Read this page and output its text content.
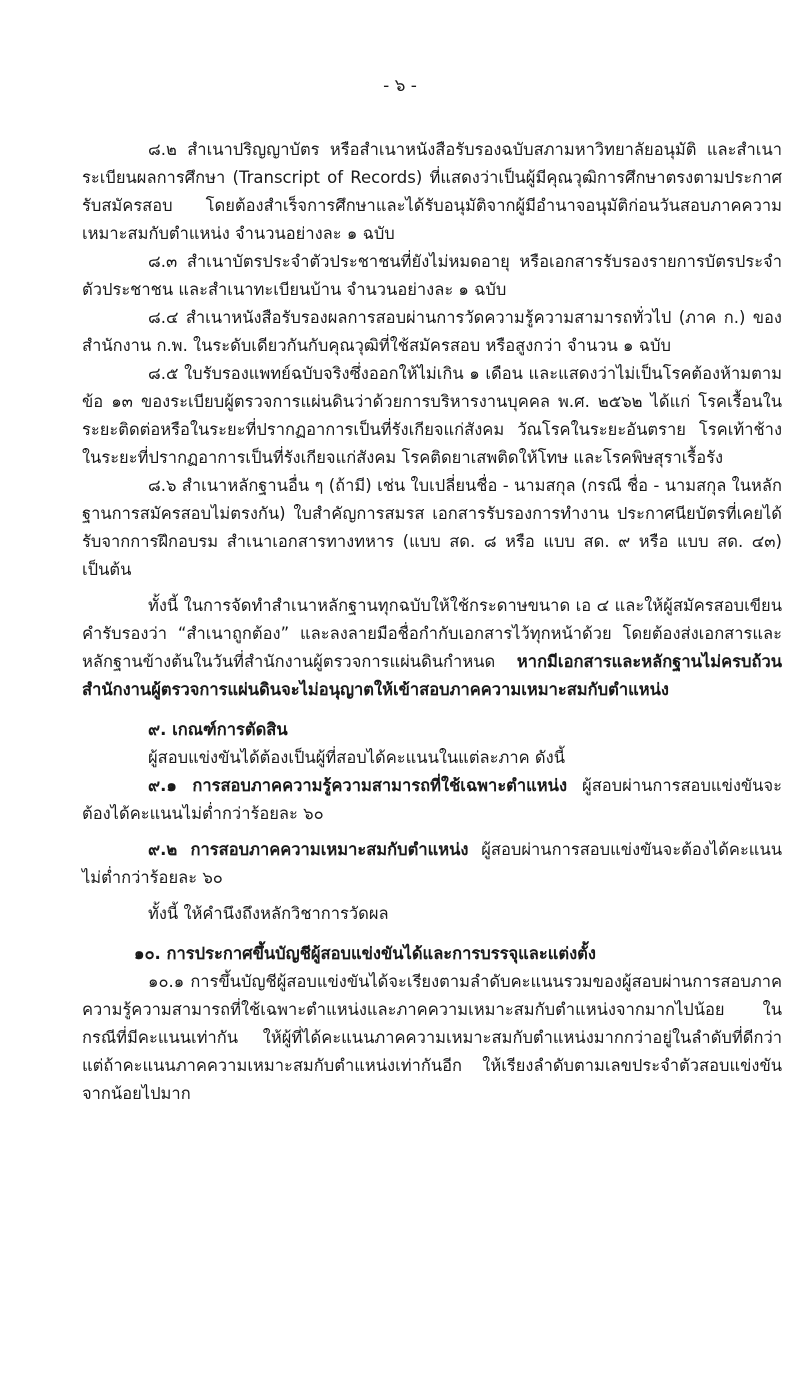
- ๖ -

๘.๒ สำเนาปริญญาบัตร หรือสำเนาหนังสือรับรองฉบับสภามหาวิทยาลัยอนุมัติ และสำเนาระเบียนผลการศึกษา (Transcript of Records) ที่แสดงว่าเป็นผู้มีคุณวุฒิการศึกษาตรงตามประกาศรับสมัครสอบ โดยต้องสำเร็จการศึกษาและได้รับอนุมัติจากผู้มีอำนาจอนุมัติก่อนวันสอบภาคความเหมาะสมกับตำแหน่ง จำนวนอย่างละ ๑ ฉบับ

๘.๓ สำเนาบัตรประจำตัวประชาชนที่ยังไม่หมดอายุ หรือเอกสารรับรองรายการบัตรประจำตัวประชาชน และสำเนาทะเบียนบ้าน จำนวนอย่างละ ๑ ฉบับ

๘.๔ สำเนาหนังสือรับรองผลการสอบผ่านการวัดความรู้ความสามารถทั่วไป (ภาค ก.) ของสำนักงาน ก.พ. ในระดับเดียวกันกับคุณวุฒิที่ใช้สมัครสอบ หรือสูงกว่า จำนวน ๑ ฉบับ

๘.๕ ใบรับรองแพทย์ฉบับจริงซึ่งออกให้ไม่เกิน ๑ เดือน และแสดงว่าไม่เป็นโรคต้องห้ามตามข้อ ๑๓ ของระเบียบผู้ตรวจการแผ่นดินว่าด้วยการบริหารงานบุคคล พ.ศ. ๒๕๖๒ ได้แก่ โรคเรื้อนในระยะติดต่อหรือในระยะที่ปรากฏอาการเป็นที่รังเกียจแก่สังคม วัณโรคในระยะอันตราย โรคเท้าช้างในระยะที่ปรากฏอาการเป็นที่รังเกียจแก่สังคม โรคติดยาเสพติดให้โทษ และโรคพิษสุราเรื้อรัง

๘.๖ สำเนาหลักฐานอื่น ๆ (ถ้ามี) เช่น ใบเปลี่ยนชื่อ - นามสกุล (กรณี ชื่อ - นามสกุล ในหลักฐานการสมัครสอบไม่ตรงกัน) ใบสำคัญการสมรส เอกสารรับรองการทำงาน ประกาศนียบัตรที่เคยได้รับจากการฝึกอบรม สำเนาเอกสารทางทหาร (แบบ สด. ๘ หรือ แบบ สด. ๙ หรือ แบบ สด. ๔๓) เป็นต้น

ทั้งนี้ ในการจัดทำสำเนาหลักฐานทุกฉบับให้ใช้กระดาษขนาด เอ ๔ และให้ผู้สมัครสอบเขียนคำรับรองว่า “สำเนาถูกต้อง” และลงลายมือชื่อกำกับเอกสารไว้ทุกหน้าด้วย โดยต้องส่งเอกสารและหลักฐานข้างต้นในวันที่สำนักงานผู้ตรวจการแผ่นดินกำหนด หากมีเอกสารและหลักฐานไม่ครบถ้วน สำนักงานผู้ตรวจการแผ่นดินจะไม่อนุญาตให้เข้าสอบภาคความเหมาะสมกับตำแหน่ง

๙. เกณฑ์การตัดสิน

ผู้สอบแข่งขันได้ต้องเป็นผู้ที่สอบได้คะแนนในแต่ละภาค ดังนี้

๙.๑ การสอบภาคความรู้ความสามารถที่ใช้เฉพาะตำแหน่ง ผู้สอบผ่านการสอบแข่งขันจะต้องได้คะแนนไม่ต่ำกว่าร้อยละ ๖๐

๙.๒ การสอบภาคความเหมาะสมกับตำแหน่ง ผู้สอบผ่านการสอบแข่งขันจะต้องได้คะแนนไม่ต่ำกว่าร้อยละ ๖๐

ทั้งนี้ ให้คำนึงถึงหลักวิชาการวัดผล

๑๐. การประกาศขึ้นบัญชีผู้สอบแข่งขันได้และการบรรจุและแต่งตั้ง

๑๐.๑ การขึ้นบัญชีผู้สอบแข่งขันได้จะเรียงตามลำดับคะแนนรวมของผู้สอบผ่านการสอบภาคความรู้ความสามารถที่ใช้เฉพาะตำแหน่งและภาคความเหมาะสมกับตำแหน่งจากมากไปน้อย ในกรณีที่มีคะแนนเท่ากัน ให้ผู้ที่ได้คะแนนภาคความเหมาะสมกับตำแหน่งมากกว่าอยู่ในลำดับที่ดีกว่า แต่ถ้าคะแนนภาคความเหมาะสมกับตำแหน่งเท่ากันอีก ให้เรียงลำดับตามเลขประจำตัวสอบแข่งขันจากน้อยไปมาก
